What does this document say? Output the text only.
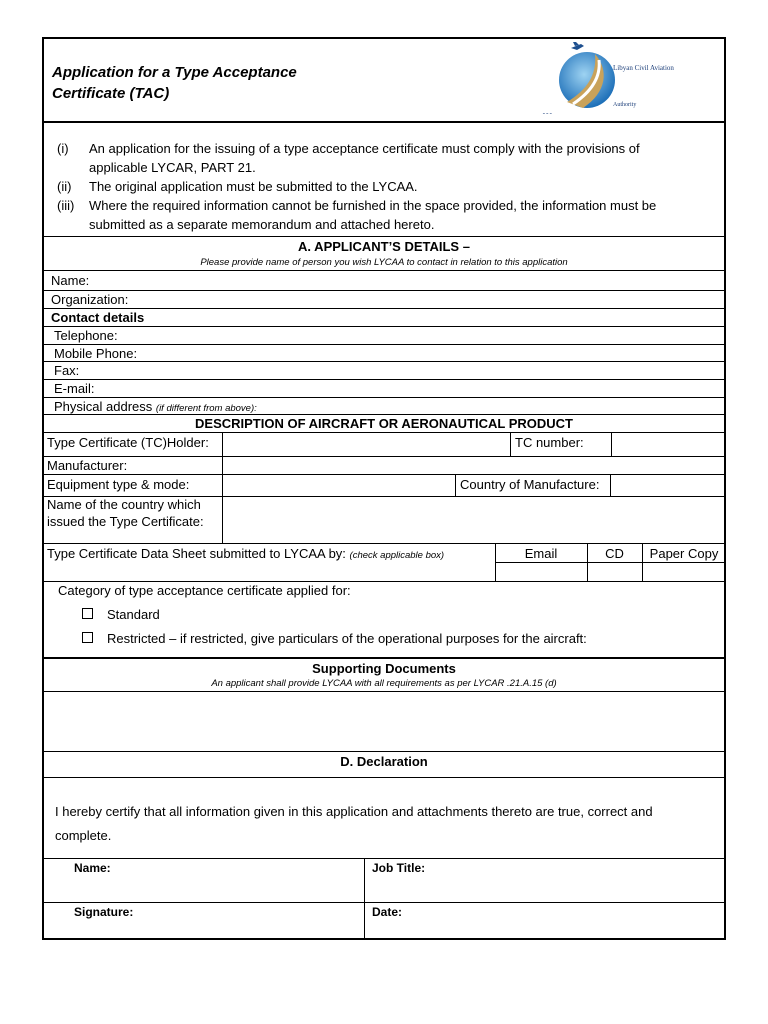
Application for a Type Acceptance
Certificate (TAC)
Libyan Civil Aviation
Authority
ـ ـ ـ
(i) An application for the issuing of a type acceptance certificate must comply with the provisions of
applicable LYCAR, PART 21.
(ii) The original application must be submitted to the LYCAA.
(iii) Where the required information cannot be furnished in the space provided, the information must be
submitted as a separate memorandum and attached hereto.
A. APPLICANT’S DETAILS –
Please provide name of person you wish LYCAA to contact in relation to this application
Name:
Organization:
Contact details
Telephone:
Mobile Phone:
Fax:
E-mail:
Physical address (if different from above):
DESCRIPTION OF AIRCRAFT OR AERONAUTICAL PRODUCT
Type Certificate (TC)Holder:	TC number:
Manufacturer:
Equipment type & mode:	Country of Manufacture:
Name of the country which
issued the Type Certificate:
Type Certificate Data Sheet submitted to LYCAA by: (check applicable box)	Email	CD	Paper Copy
Category of type acceptance certificate applied for:
Standard
Restricted – if restricted, give particulars of the operational purposes for the aircraft:
Supporting Documents
An applicant shall provide LYCAA with all requirements as per LYCAR .21.A.15 (d)
D. Declaration
I hereby certify that all information given in this application and attachments thereto are true, correct and
complete.
Name:	Job Title:
Signature:	Date:
